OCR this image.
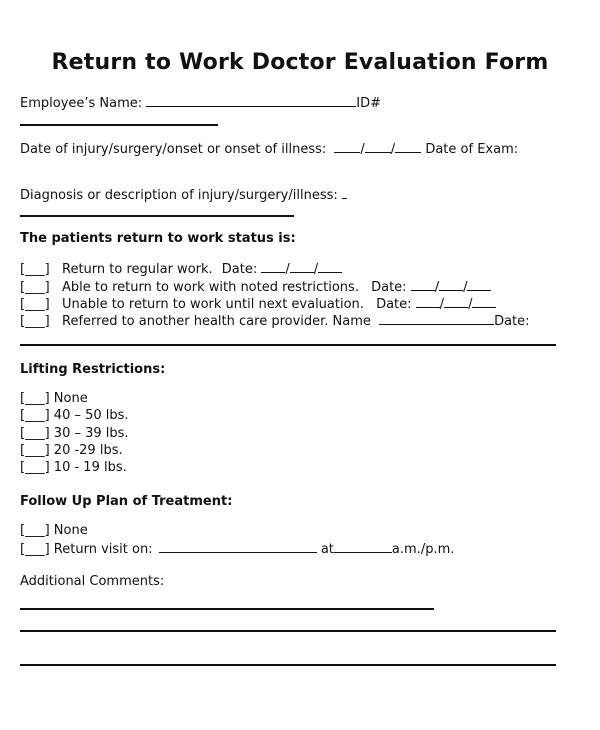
Return to Work Doctor Evaluation Form
Employee’s Name:	ID#
Date of injury/surgery/onset or onset of illness:	/ / Date of Exam:
Diagnosis or description of injury/surgery/illness:
The patients return to work status is:
[___] Return to regular work. Date: / /
[___] Able to return to work with noted restrictions. Date: / /
[___] Unable to return to work until next evaluation. Date: / /
[___] Referred to another health care provider. Name	Date:
Lifting Restrictions:
[___] None
[___] 40 – 50 lbs.
[___] 30 – 39 lbs.
[___] 20 -29 lbs.
[___] 10 - 19 lbs.
Follow Up Plan of Treatment:
[___] None
[___] Return visit on:	at	a.m./p.m.
Additional Comments:
